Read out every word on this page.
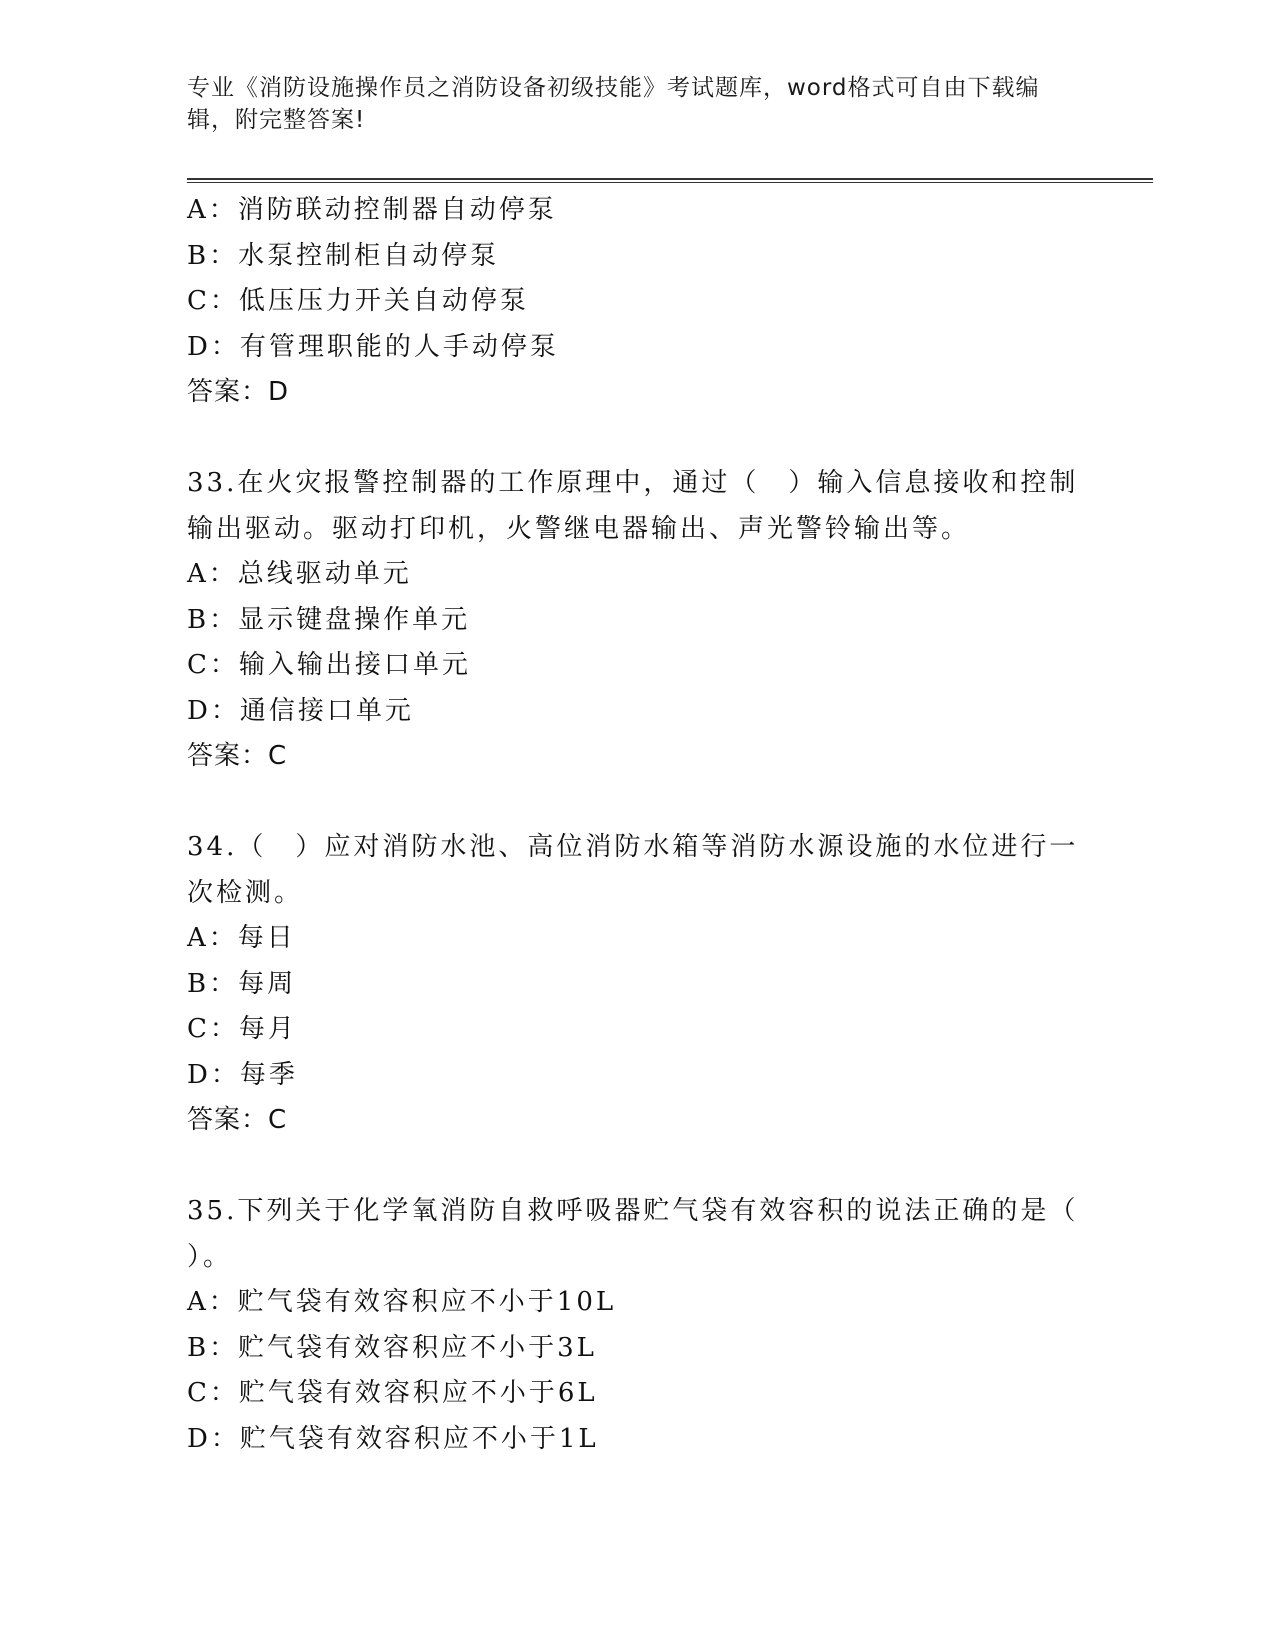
专业《消防设施操作员之消防设备初级技能》考试题库，word格式可自由下载编
辑，附完整答案!
A：消防联动控制器自动停泵
B：水泵控制柜自动停泵
C：低压压力开关自动停泵
D：有管理职能的人手动停泵
答案：D
33.在火灾报警控制器的工作原理中，通过（　）输入信息接收和控制
输出驱动。驱动打印机，火警继电器输出、声光警铃输出等。
A：总线驱动单元
B：显示键盘操作单元
C：输入输出接口单元
D：通信接口单元
答案：C
34.（　）应对消防水池、高位消防水箱等消防水源设施的水位进行一
次检测。
A：每日
B：每周
C：每月
D：每季
答案：C
35.下列关于化学氧消防自救呼吸器贮气袋有效容积的说法正确的是（
）。
A：贮气袋有效容积应不小于10L
B：贮气袋有效容积应不小于3L
C：贮气袋有效容积应不小于6L
D：贮气袋有效容积应不小于1L
